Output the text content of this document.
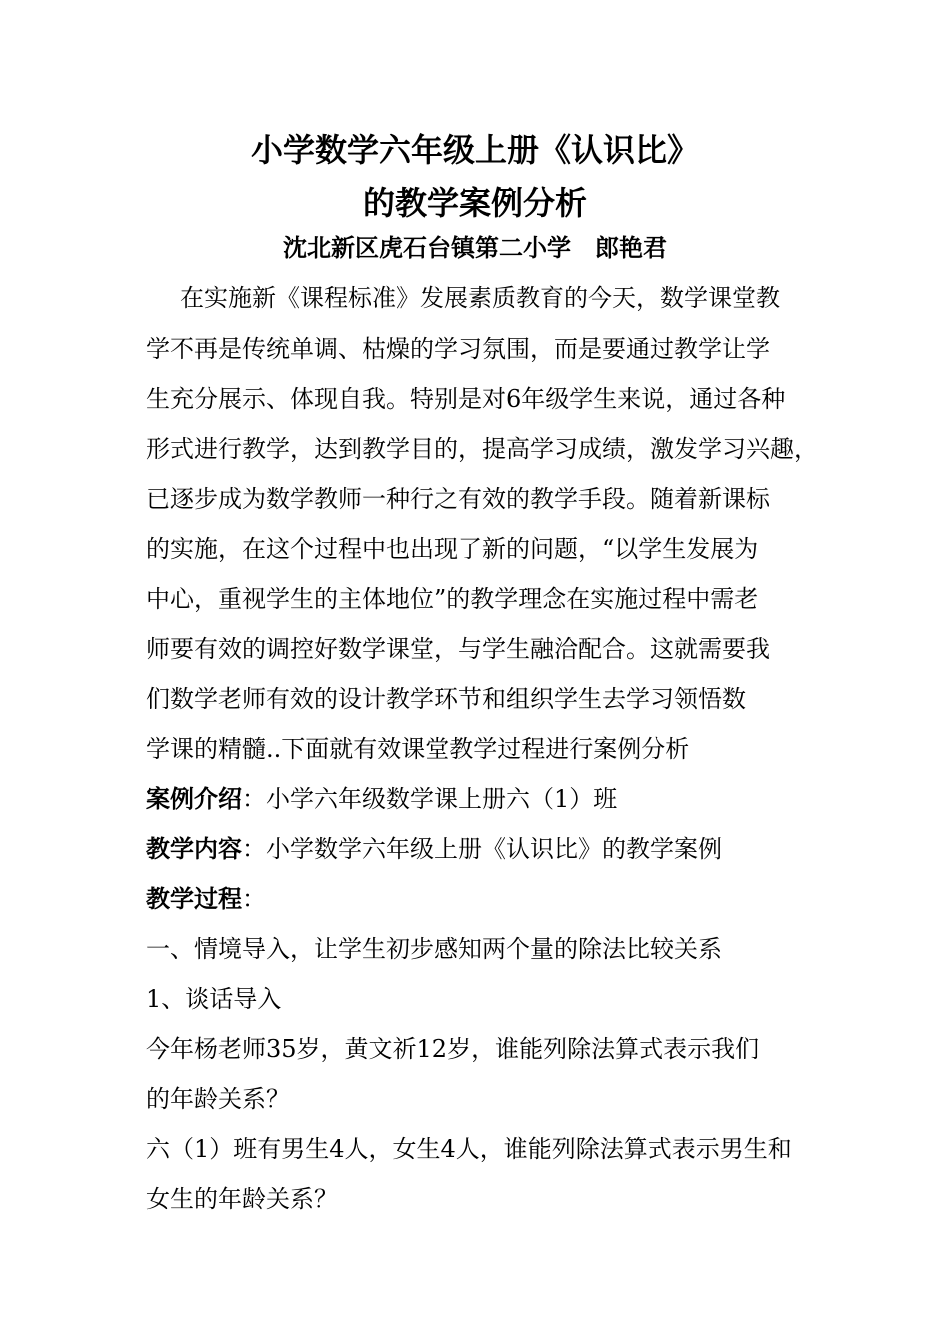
小学数学六年级上册《认识比》
的教学案例分析
沈北新区虎石台镇第二小学　郎艳君
在实施新《课程标准》发展素质教育的今天，数学课堂教
学不再是传统单调、枯燥的学习氛围，而是要通过教学让学
生充分展示、体现自我。特别是对6年级学生来说，通过各种
形式进行教学，达到教学目的，提高学习成绩，激发学习兴趣，
已逐步成为数学教师一种行之有效的教学手段。随着新课标
的实施，在这个过程中也出现了新的问题，“以学生发展为
中心，重视学生的主体地位”的教学理念在实施过程中需老
师要有效的调控好数学课堂，与学生融洽配合。这就需要我
们数学老师有效的设计教学环节和组织学生去学习领悟数
学课的精髓..下面就有效课堂教学过程进行案例分析
案例介绍：小学六年级数学课上册六（1）班
教学内容：小学数学六年级上册《认识比》的教学案例
教学过程：
一、情境导入，让学生初步感知两个量的除法比较关系
1、谈话导入
今年杨老师35岁，黄文祈12岁，谁能列除法算式表示我们
的年龄关系？
六（1）班有男生4人，女生4人，谁能列除法算式表示男生和
女生的年龄关系？
